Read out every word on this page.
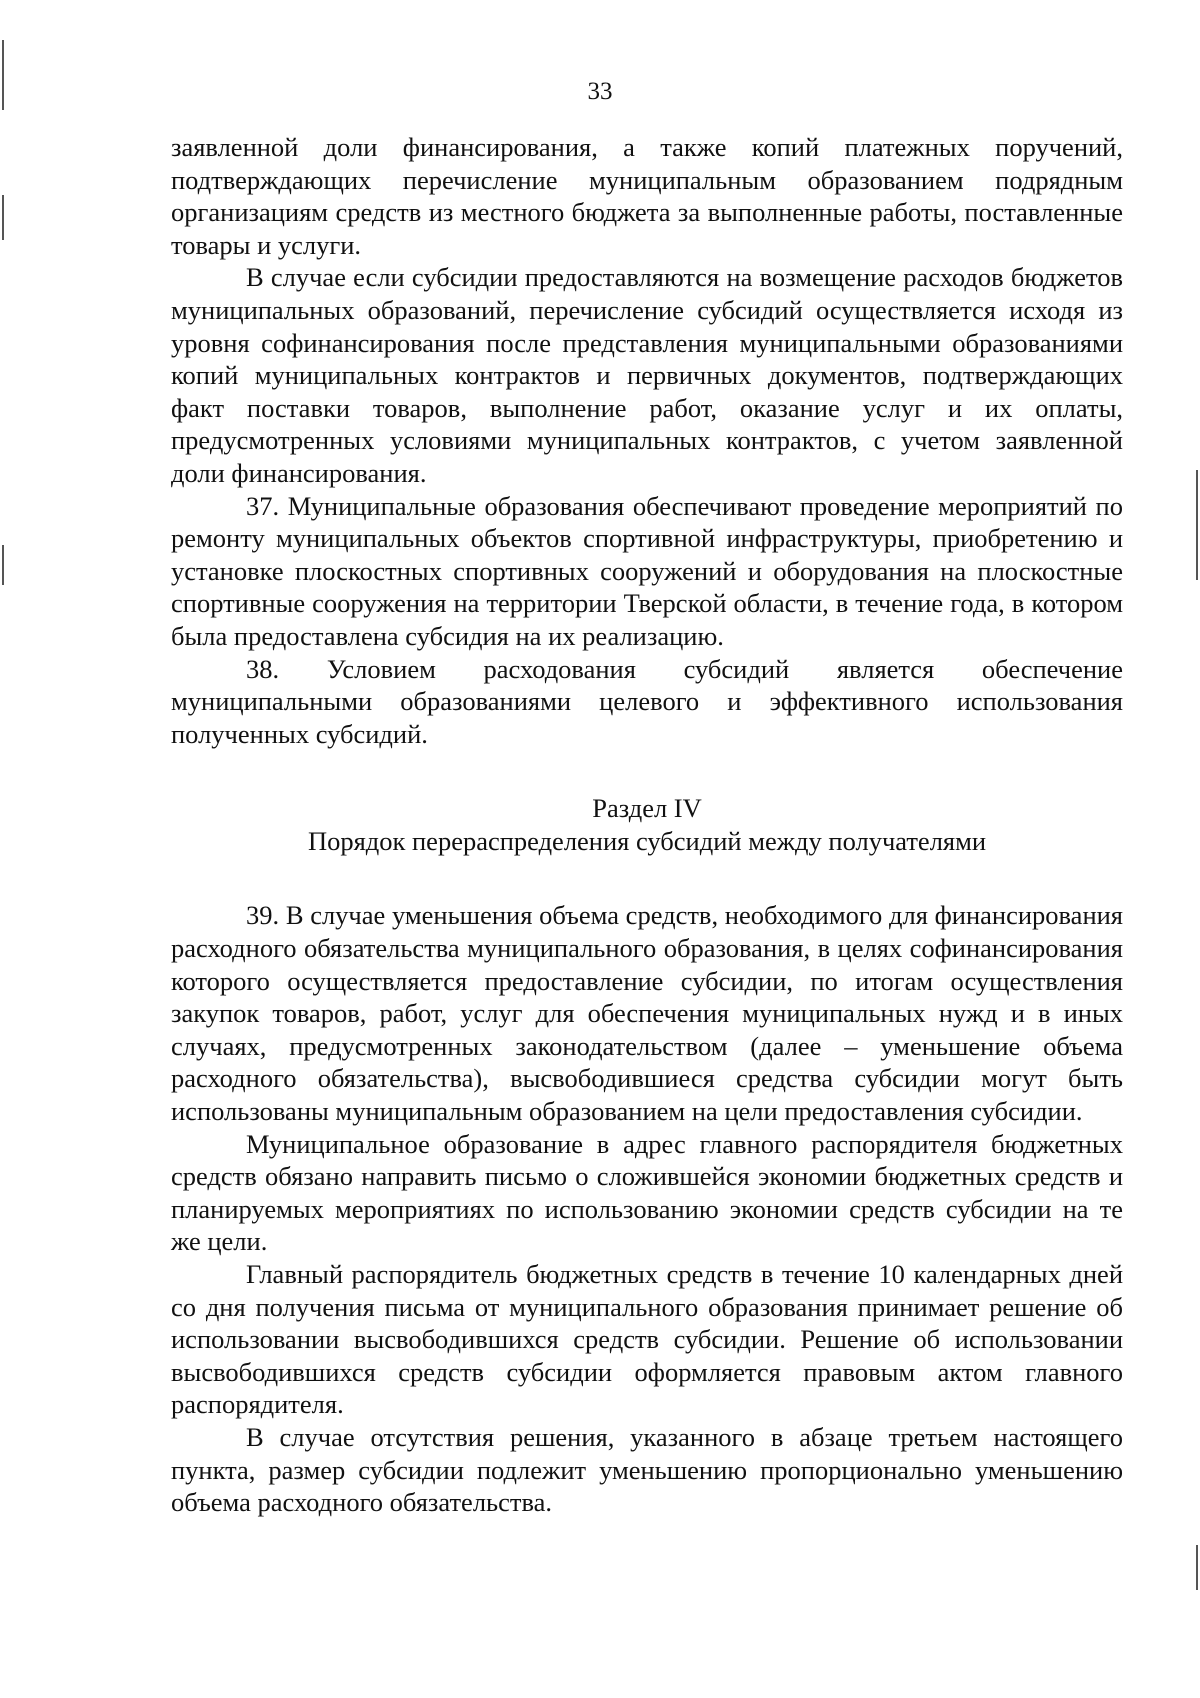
33

заявленной доли финансирования, а также копий платежных поручений, подтверждающих перечисление муниципальным образованием подрядным организациям средств из местного бюджета за выполненные работы, поставленные товары и услуги.

В случае если субсидии предоставляются на возмещение расходов бюджетов муниципальных образований, перечисление субсидий осуществляется исходя из уровня софинансирования после представления муниципальными образованиями копий муниципальных контрактов и первичных документов, подтверждающих факт поставки товаров, выполнение работ, оказание услуг и их оплаты, предусмотренных условиями муниципальных контрактов, с учетом заявленной доли финансирования.

37. Муниципальные образования обеспечивают проведение мероприятий по ремонту муниципальных объектов спортивной инфраструктуры, приобретению и установке плоскостных спортивных сооружений и оборудования на плоскостные спортивные сооружения на территории Тверской области, в течение года, в котором была предоставлена субсидия на их реализацию.

38. Условием расходования субсидий является обеспечение муниципальными образованиями целевого и эффективного использования полученных субсидий.

Раздел IV

Порядок перераспределения субсидий между получателями

39. В случае уменьшения объема средств, необходимого для финансирования расходного обязательства муниципального образования, в целях софинансирования которого осуществляется предоставление субсидии, по итогам осуществления закупок товаров, работ, услуг для обеспечения муниципальных нужд и в иных случаях, предусмотренных законодательством (далее – уменьшение объема расходного обязательства), высвободившиеся средства субсидии могут быть использованы муниципальным образованием на цели предоставления субсидии.

Муниципальное образование в адрес главного распорядителя бюджетных средств обязано направить письмо о сложившейся экономии бюджетных средств и планируемых мероприятиях по использованию экономии средств субсидии на те же цели.

Главный распорядитель бюджетных средств в течение 10 календарных дней со дня получения письма от муниципального образования принимает решение об использовании высвободившихся средств субсидии. Решение об использовании высвободившихся средств субсидии оформляется правовым актом главного распорядителя.

В случае отсутствия решения, указанного в абзаце третьем настоящего пункта, размер субсидии подлежит уменьшению пропорционально уменьшению объема расходного обязательства.
